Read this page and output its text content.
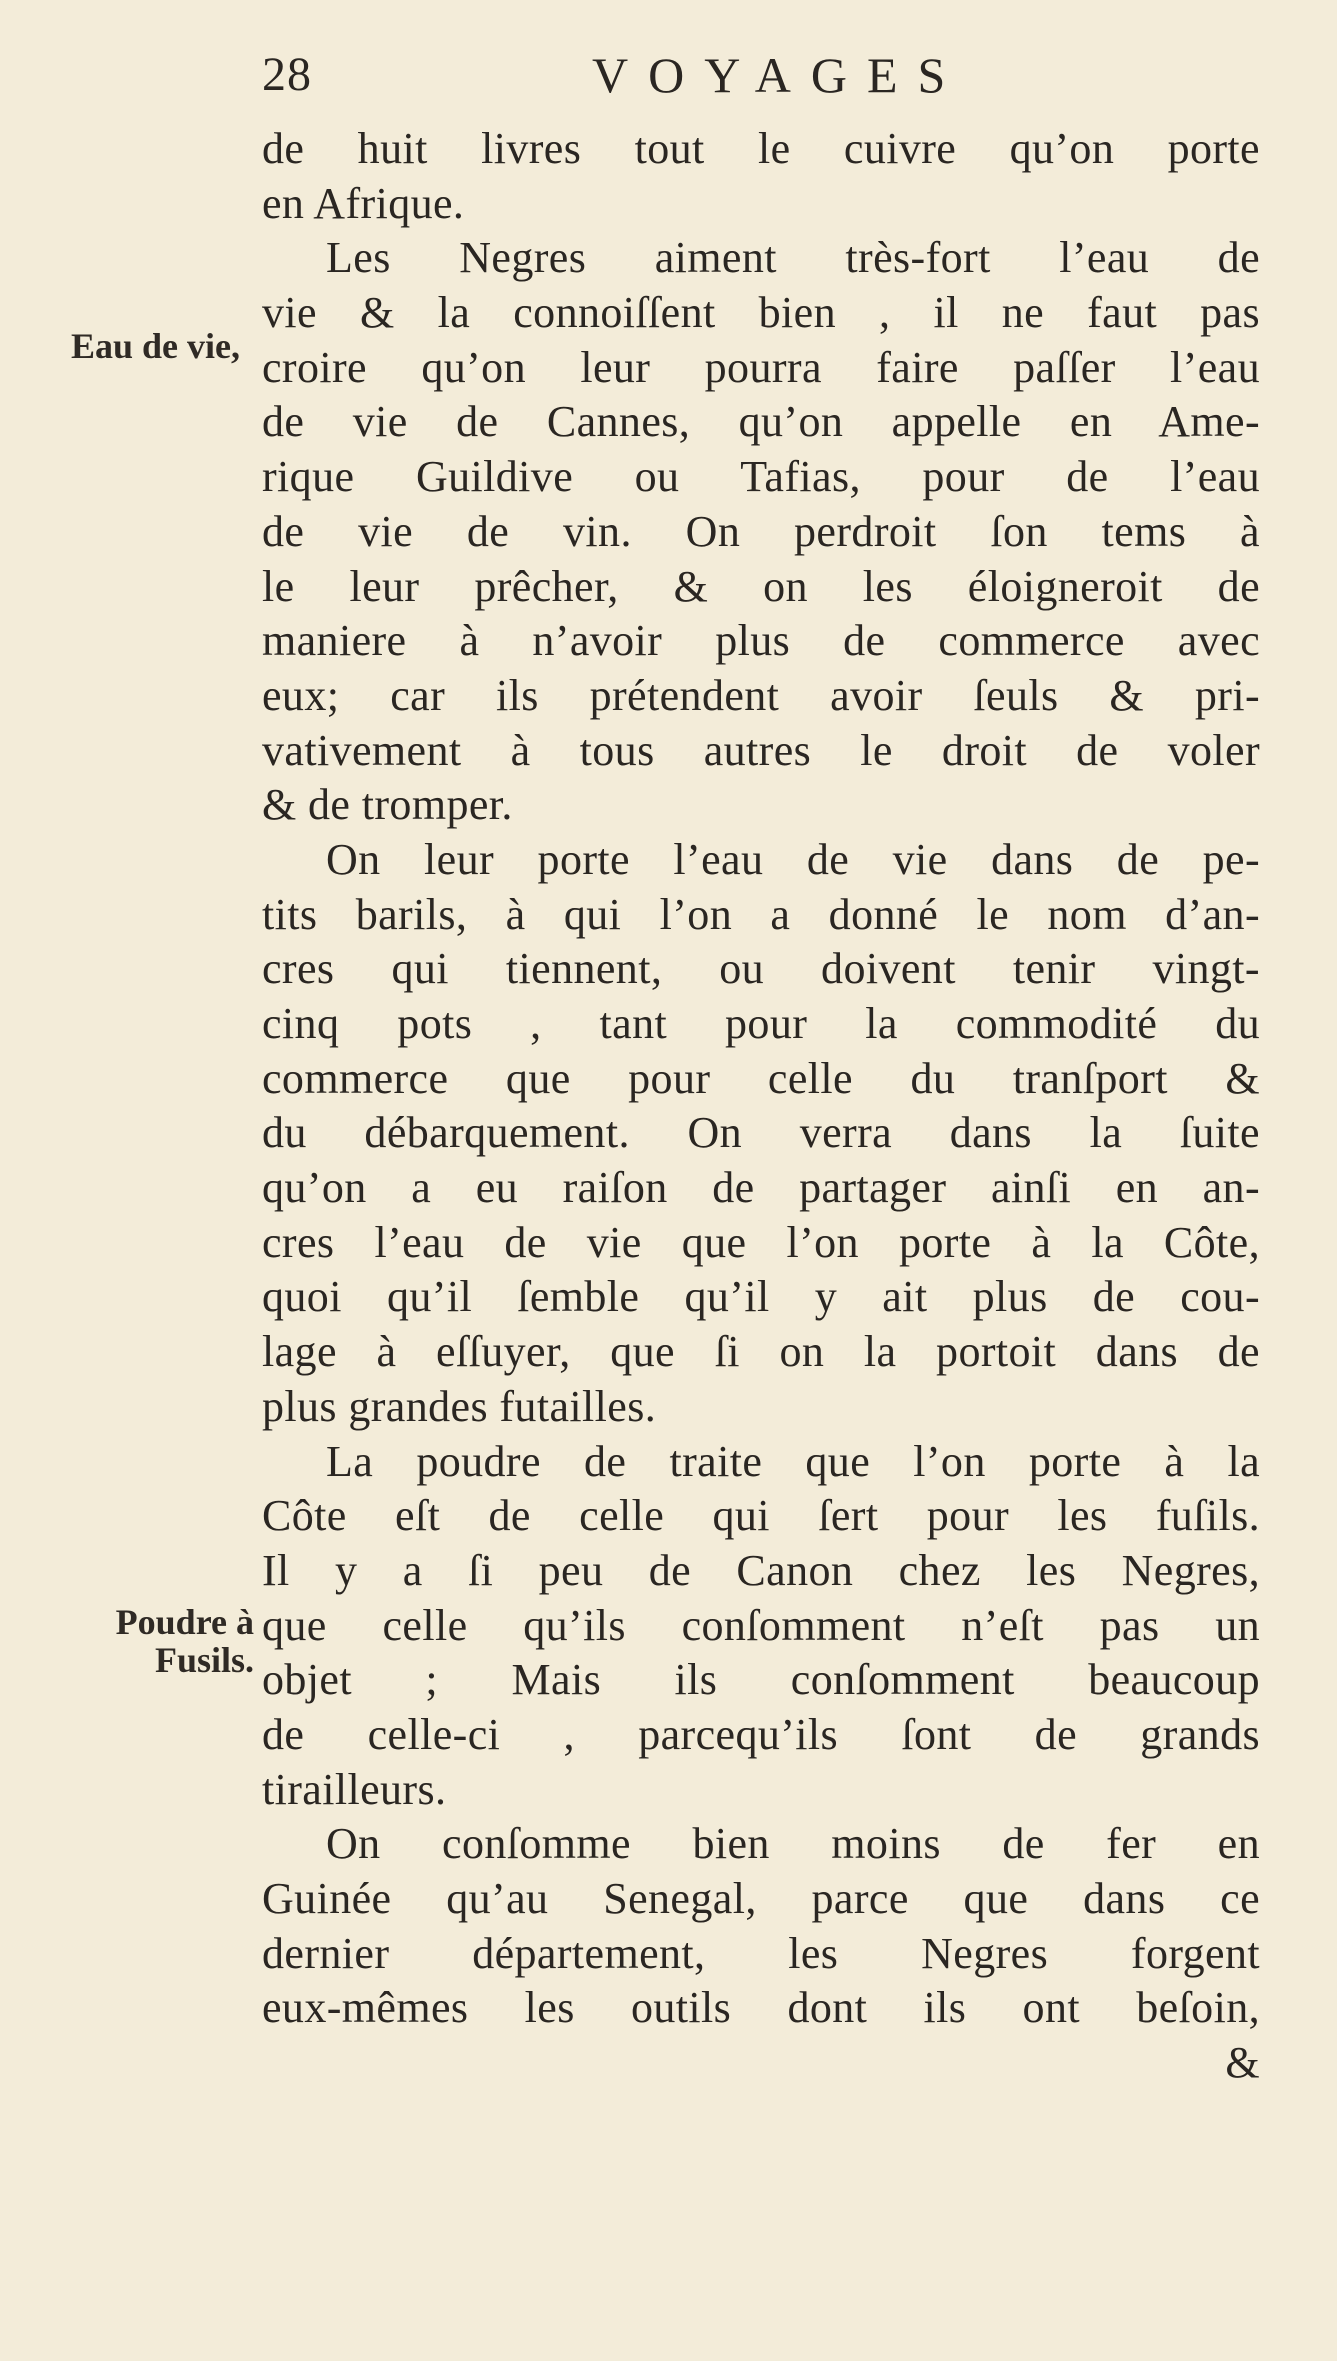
28	VOYAGES
Eau de vie,
Poudre à
Fusils.
de huit livres tout le cuivre qu’on porte
en Afrique.
Les Negres aiment très-fort l’eau de
vie & la connoiſſent bien , il ne faut pas
croire qu’on leur pourra faire paſſer l’eau
de vie de Cannes, qu’on appelle en Ame-
rique Guildive ou Tafias, pour de l’eau
de vie de vin. On perdroit ſon tems à
le leur prêcher, & on les éloigneroit de
maniere à n’avoir plus de commerce avec
eux; car ils prétendent avoir ſeuls & pri-
vativement à tous autres le droit de voler
& de tromper.
On leur porte l’eau de vie dans de pe-
tits barils, à qui l’on a donné le nom d’an-
cres qui tiennent, ou doivent tenir vingt-
cinq pots , tant pour la commodité du
commerce que pour celle du tranſport &
du débarquement. On verra dans la ſuite
qu’on a eu raiſon de partager ainſi en an-
cres l’eau de vie que l’on porte à la Côte,
quoi qu’il ſemble qu’il y ait plus de cou-
lage à eſſuyer, que ſi on la portoit dans de
plus grandes futailles.
La poudre de traite que l’on porte à la
Côte eſt de celle qui ſert pour les fuſils.
Il y a ſi peu de Canon chez les Negres,
que celle qu’ils conſomment n’eſt pas un
objet ; Mais ils conſomment beaucoup
de celle-ci , parcequ’ils ſont de grands
tirailleurs.
On conſomme bien moins de fer en
Guinée qu’au Senegal, parce que dans ce
dernier département, les Negres forgent
eux-mêmes les outils dont ils ont beſoin,
&
